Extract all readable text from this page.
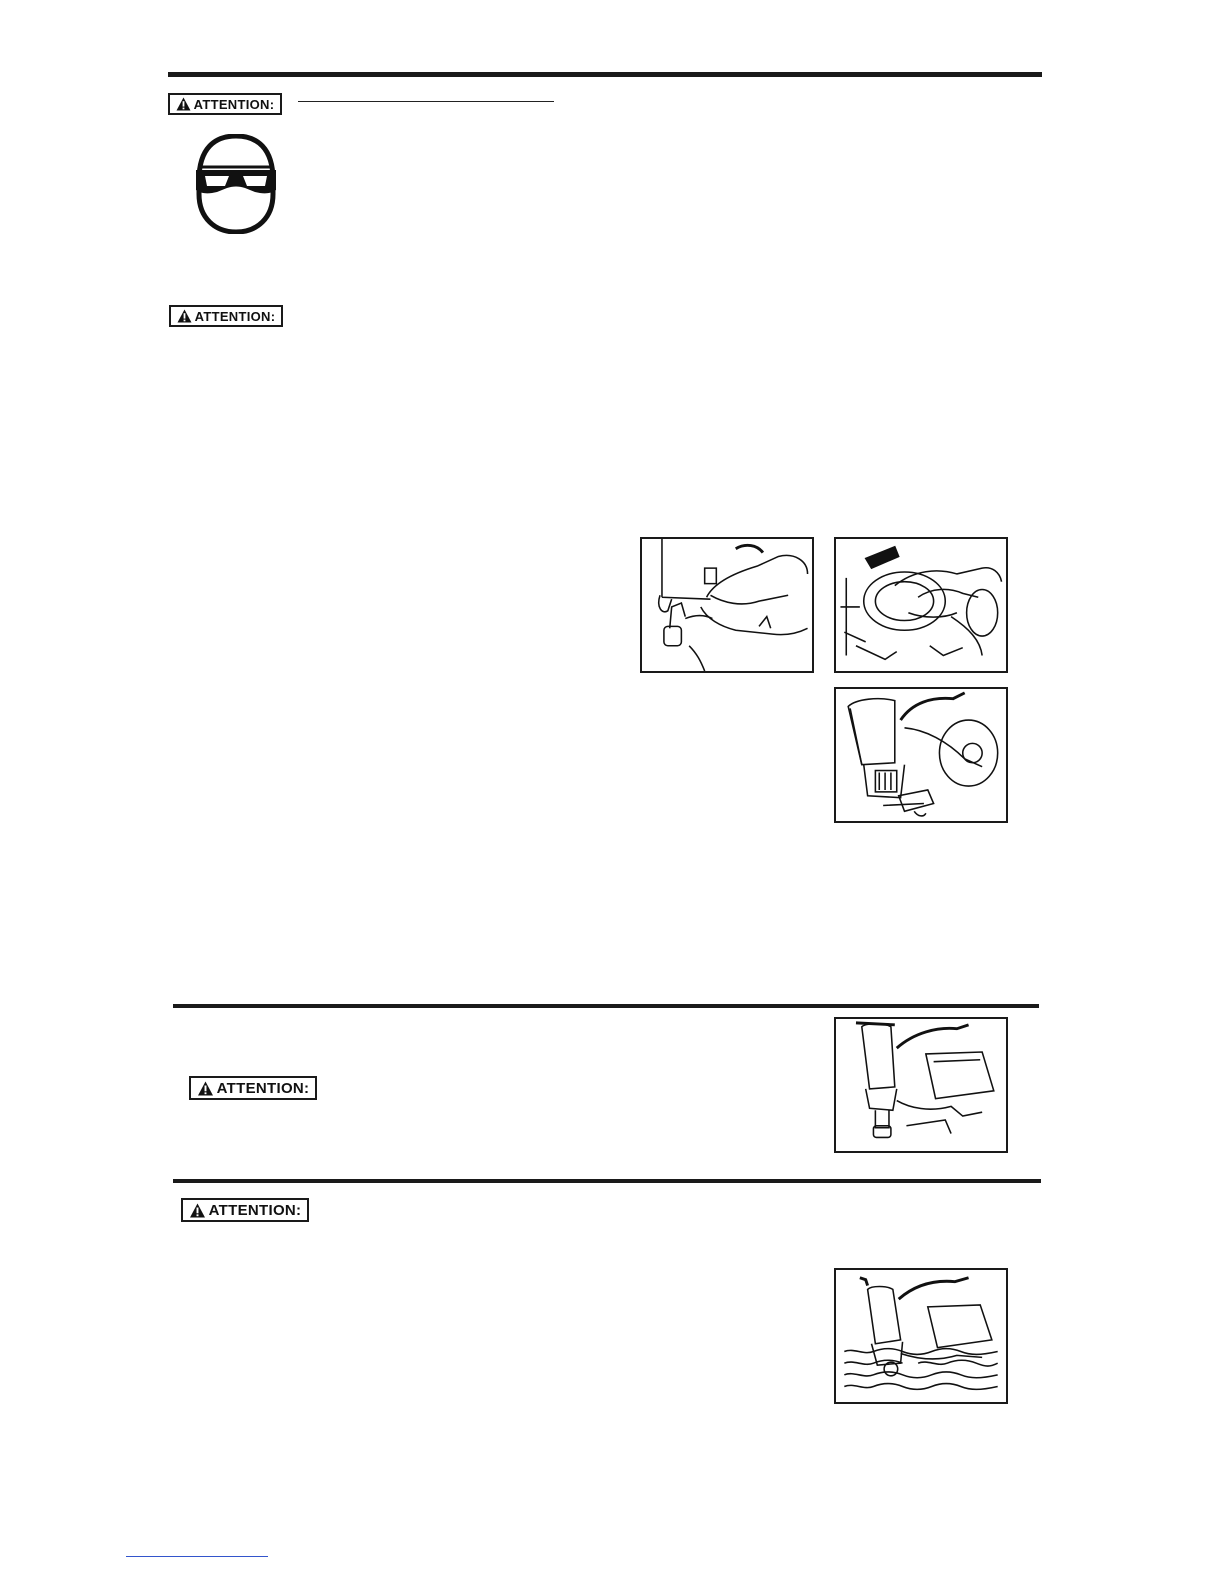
ATTENTION:
ATTENTION:
ATTENTION:
ATTENTION:
